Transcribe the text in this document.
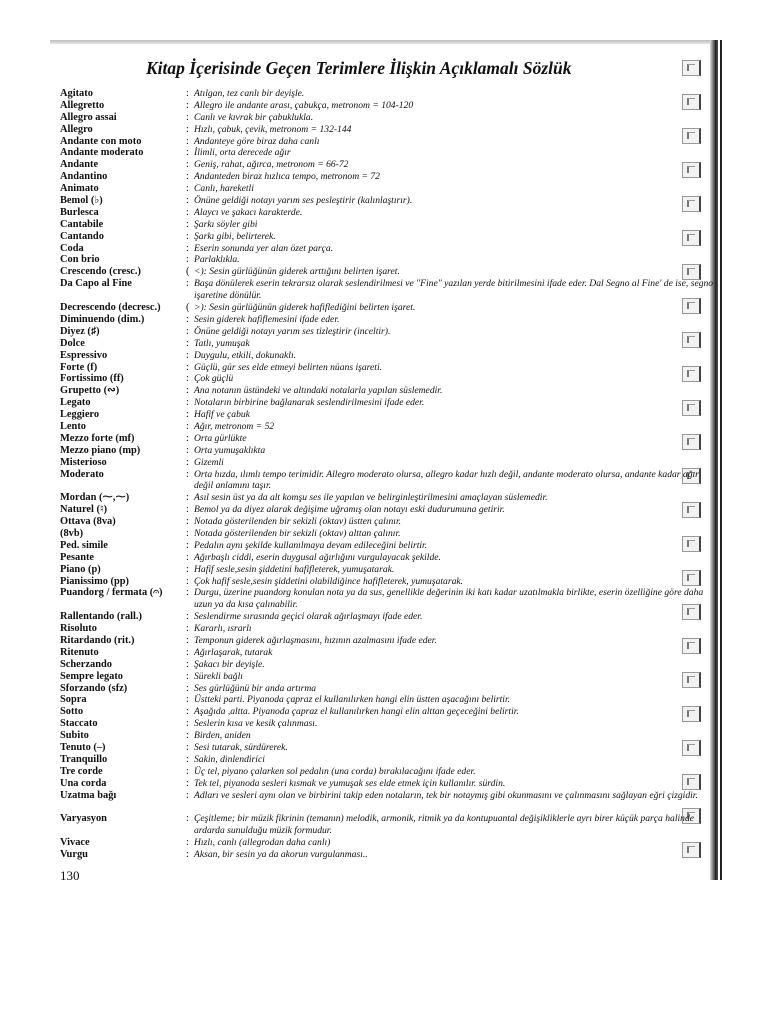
Kitap İçerisinde Geçen Terimlere İlişkin Açıklamalı Sözlük
Agitato	: Atılgan, tez canlı bir deyişle.
Allegretto	: Allegro ile andante arası, çabukça, metronom = 104-120
Allegro assai	: Canlı ve kıvrak bir çabuklukla.
Allegro	: Hızlı, çabuk, çevik, metronom = 132-144
Andante con moto	: Andanteye göre biraz daha canlı
Andante moderato	: İlimli, orta derecede ağır
Andante	: Geniş, rahat, ağırca, metronom = 66-72
Andantino	: Andanteden biraz hızlıca tempo, metronom = 72
Animato	: Canlı, hareketli
Bemol (♭)	: Önüne geldiği notayı yarım ses pesleştirir (kalınlaştırır).
Burlesca	: Alaycı ve şakacı karakterde.
Cantabile	: Şarkı söyler gibi
Cantando	: Şarkı gibi, belirterek.
Coda	: Eserin sonunda yer alan özet parça.
Con brio	: Parlaklıkla.
Crescendo (cresc.)	( <): Sesin gürlüğünün giderek arttığını belirten işaret.
Da Capo al Fine	: Başa dönülerek eserin tekrarsız olarak seslendirilmesi ve "Fine" yazılan yerde bitirilmesini ifade eder. Dal Segno al Fine' de ise, segno işaretine dönülür.
Decrescendo (decresc.)	( >): Sesin gürlüğünün giderek hafiflediğini belirten işaret.
Diminuendo (dim.)	: Sesin giderek hafiflemesini ifade eder.
Diyez (♯)	: Önüne geldiği notayı yarım ses tizleştirir (inceltir).
Dolce	: Tatlı, yumuşak
Espressivo	: Duygulu, etkili, dokunaklı.
Forte (f)	: Güçlü, gür ses elde etmeyi belirten nüans işareti.
Fortissimo (ff)	: Çok güçlü
Grupetto (∾)	: Ana notanın üstündeki ve altındaki notalarla yapılan süslemedir.
Legato	: Notaların birbirine bağlanarak seslendirilmesini ifade eder.
Leggiero	: Hafif ve çabuk
Lento	: Ağır, metronom = 52
Mezzo forte (mf)	: Orta gürlükte
Mezzo piano (mp)	: Orta yumuşaklıkta
Misterioso	: Gizemli
Moderato	: Orta hızda, ılımlı tempo terimidir. Allegro moderato olursa, allegro kadar hızlı değil, andante moderato olursa, andante kadar ağır değil anlamını taşır.
Mordan (⁓,⁓)	: Asıl sesin üst ya da alt komşu ses ile yapılan ve belirginleştirilmesini amaçlayan süslemedir.
Naturel (♮)	: Bemol ya da diyez alarak değişime uğramış olan notayı eski dudurumuna getirir.
Ottava (8va)	: Notada gösterilenden bir sekizli (oktav) üstten çalınır.
(8vb)	: Notada gösterilenden bir sekizli (oktav) alttan çalınır.
Ped. simile	: Pedalın aynı şekilde kullanılmaya devam edileceğini belirtir.
Pesante	: Ağırbaşlı ciddi, eserin duygusal ağırlığını vurgulayacak şekilde.
Piano (p)	: Hafif sesle,sesin şiddetini hafifleterek, yumuşatarak.
Pianissimo (pp)	: Çok hafif sesle,sesin şiddetini olabildiğince hafifleterek, yumuşatarak.
Puandorg / fermata (𝄐)	: Durgu, üzerine puandorg konulan nota ya da sus, genellikle değerinin iki katı kadar uzatılmakla birlikte, eserin özelliğine göre daha uzun ya da kısa çalınabilir.
Rallentando (rall.)	: Seslendirme sırasında geçici olarak ağırlaşmayı ifade eder.
Risoluto	: Kararlı, ısrarlı
Ritardando (rit.)	: Temponun giderek ağırlaşmasını, hızının azalmasını ifade eder.
Ritenuto	: Ağırlaşarak, tutarak
Scherzando	: Şakacı bir deyişle.
Sempre legato	: Sürekli bağlı
Sforzando (sfz)	: Ses gürlüğünü bir anda artırma
Sopra	: Üstteki parti. Piyanoda çapraz el kullanılırken hangi elin üstten aşacağını belirtir.
Sotto	: Aşağıda ,altta. Piyanoda çapraz el kullanılırken hangi elin alttan geçeceğini belirtir.
Staccato	: Seslerin kısa ve kesik çalınması.
Subito	: Birden, aniden
Tenuto (–)	: Sesi tutarak, sürdürerek.
Tranquillo	: Sakin, dinlendirici
Tre corde	: Üç tel, piyano çalarken sol pedalın (una corda) bırakılacağını ifade eder.
Una corda	: Tek tel, piyanoda sesleri kısmak ve yumuşak ses elde etmek için kullanılır. sürdin.
Uzatma bağı	: Adları ve sesleri aynı olan ve birbirini takip eden notaların, tek bir notaymış gibi okunmasını ve çalınmasını sağlayan eğri çizgidir.
Varyasyon	: Çeşitleme; bir müzik fikrinin (temanın) melodik, armonik, ritmik ya da kontupuantal değişikliklerle ayrı birer küçük parça halinde ardarda sunulduğu müzik formudur.
Vivace	: Hızlı, canlı (allegrodan daha canlı)
Vurgu	: Aksan, bir sesin ya da akorun vurgulanması..
130
